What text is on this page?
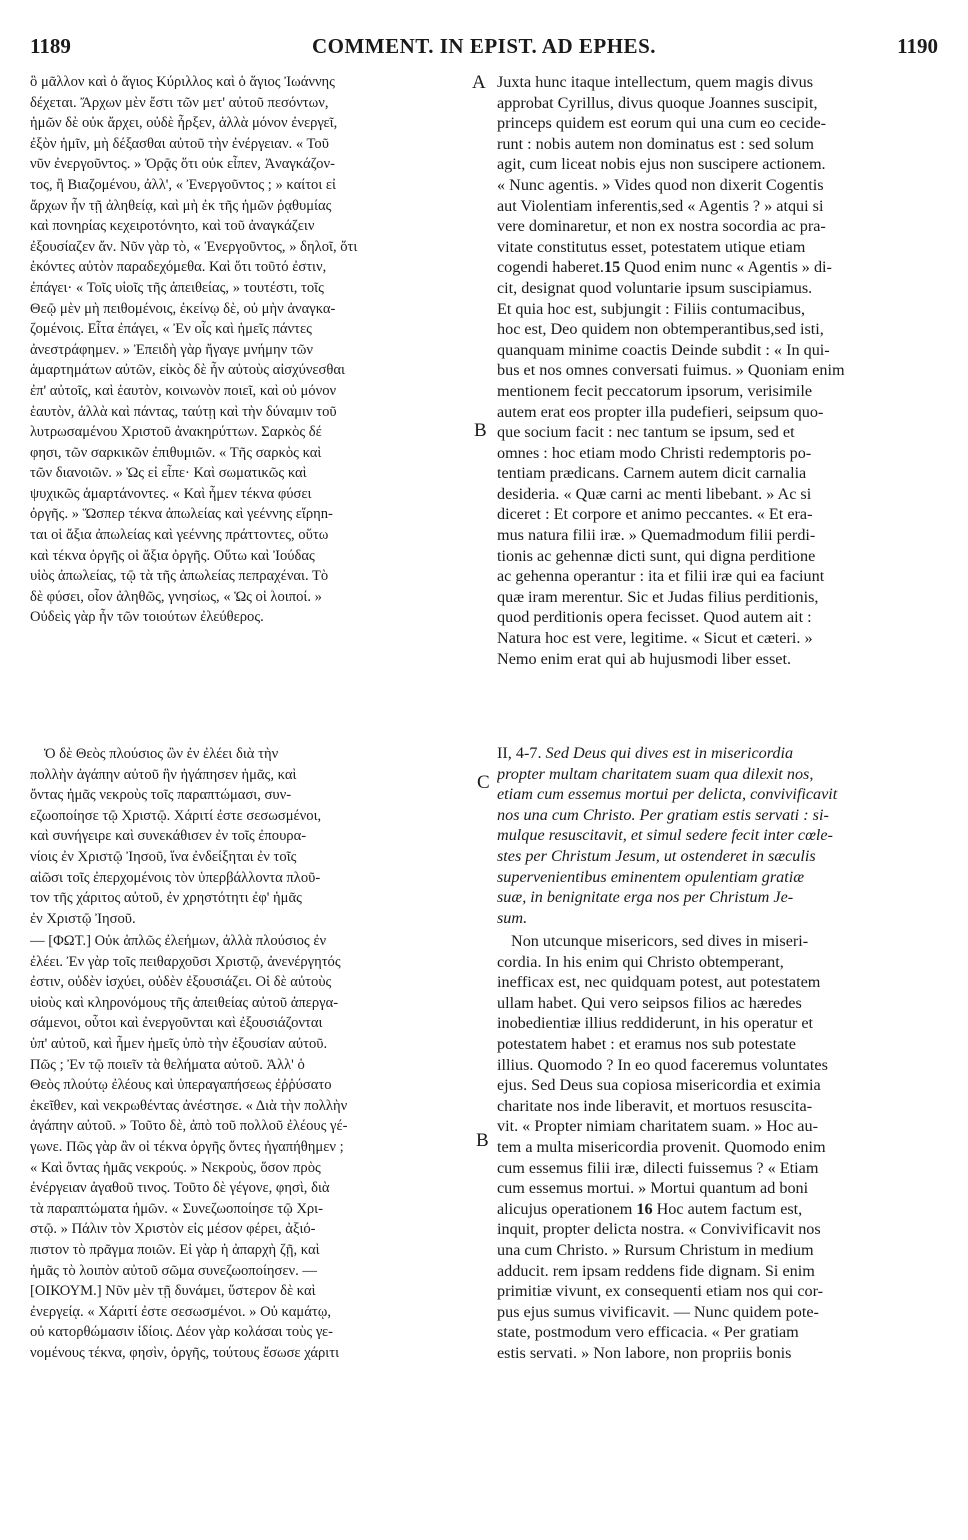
1189	COMMENT. IN EPIST. AD EPHES.	1190
A
B
C
B
ὃ μᾶλλον καὶ ὁ ἅγιος Κύριλλος καὶ ὁ ἅγιος Ἰωάννης
δέχεται. Ἄρχων μὲν ἔστι τῶν μετ' αὐτοῦ πεσόντων,
ἡμῶν δὲ οὐκ ἄρχει, οὐδὲ ἦρξεν, ἀλλὰ μόνον ἐνεργεῖ,
ἐξὸν ἡμῖν, μὴ δέξασθαι αὐτοῦ τὴν ἐνέργειαν. « Τοῦ
νῦν ἐνεργοῦντος. » Ὁρᾷς ὅτι οὐκ εἶπεν, Ἀναγκάζον-
τος, ἢ Βιαζομένου, ἀλλ', « Ἐνεργοῦντος ; » καίτοι εἰ
ἄρχων ἦν τῇ ἀληθείᾳ, καὶ μὴ ἐκ τῆς ἡμῶν ῥᾳθυμίας
καὶ πονηρίας κεχειροτόνητο, καὶ τοῦ ἀναγκάζειν
ἐξουσίαζεν ἄν. Νῦν γὰρ τὸ, « Ἐνεργοῦντος, » δηλοῖ, ὅτι
ἑκόντες αὐτὸν παραδεχόμεθα. Καὶ ὅτι τοῦτό ἐστιν,
ἐπάγει· « Τοῖς υἱοῖς τῆς ἀπειθείας, » τουτέστι, τοῖς
Θεῷ μὲν μὴ πειθομένοις, ἐκείνῳ δὲ, οὐ μὴν ἀναγκα-
ζομένοις. Εἶτα ἐπάγει, « Ἐν οἷς καὶ ἡμεῖς πάντες
ἀνεστράφημεν. » Ἐπειδὴ γὰρ ἤγαγε μνήμην τῶν
ἁμαρτημάτων αὐτῶν, εἰκὸς δὲ ἦν αὐτοὺς αἰσχύνεσθαι
ἐπ' αὐτοῖς, καὶ ἑαυτὸν, κοινωνὸν ποιεῖ, καὶ οὐ μόνον
ἑαυτὸν, ἀλλὰ καὶ πάντας, ταύτῃ καὶ τὴν δύναμιν τοῦ
λυτρωσαμένου Χριστοῦ ἀνακηρύττων. Σαρκὸς δέ
φησι, τῶν σαρκικῶν ἐπιθυμιῶν. « Τῆς σαρκὸς καὶ
τῶν διανοιῶν. » Ὡς εἰ εἶπε· Καὶ σωματικῶς καὶ
ψυχικῶς ἁμαρτάνοντες. « Καὶ ἦμεν τέκνα φύσει
ὀργῆς. » Ὥσπερ τέκνα ἀπωλείας καὶ γεέννης εἴρηn-
ται οἱ ἄξια ἀπωλείας καὶ γεέννης πράττοντες, οὕτω
καὶ τέκνα ὀργῆς οἱ ἄξια ὀργῆς. Οὕτω καὶ Ἰούδας
υἱὸς ἀπωλείας, τῷ τὰ τῆς ἀπωλείας πεπραχέναι. Τὸ
δὲ φύσει, οἷον ἀληθῶς, γνησίως, « Ὡς οἱ λοιποί. »
Οὐδεὶς γὰρ ἦν τῶν τοιούτων ἐλεύθερος.
Ὁ δὲ Θεὸς πλούσιος ὢν ἐν ἐλέει διὰ τὴν
πολλὴν ἀγάπην αὐτοῦ ἣν ἠγάπησεν ἡμᾶς, καὶ
ὄντας ἡμᾶς νεκροὺς τοῖς παραπτώμασι, συν-
εζωοποίησε τῷ Χριστῷ. Χάριτί ἐστε σεσωσμένοι,
καὶ συνήγειρε καὶ συνεκάθισεν ἐν τοῖς ἐπουρα-
νίοις ἐν Χριστῷ Ἰησοῦ, ἵνα ἐνδείξηται ἐν τοῖς
αἰῶσι τοῖς ἐπερχομένοις τὸν ὑπερβάλλοντα πλοῦ-
τον τῆς χάριτος αὐτοῦ, ἐν χρηστότητι ἐφ' ἡμᾶς
ἐν Χριστῷ Ἰησοῦ.
— [ΦΩΤ.] Οὐκ ἁπλῶς ἐλεήμων, ἀλλὰ πλούσιος ἐν
ἐλέει. Ἐν γὰρ τοῖς πειθαρχοῦσι Χριστῷ, ἀνενέργητός
ἐστιν, οὐδὲν ἰσχύει, οὐδὲν ἐξουσιάζει. Οἱ δὲ αὐτοὺς
υἱοὺς καὶ κληρονόμους τῆς ἀπειθείας αὐτοῦ ἀπεργα-
σάμενοι, οὗτοι καὶ ἐνεργοῦνται καὶ ἐξουσιάζονται
ὑπ' αὐτοῦ, καὶ ἦμεν ἡμεῖς ὑπὸ τὴν ἐξουσίαν αὐτοῦ.
Πῶς ; Ἐν τῷ ποιεῖν τὰ θελήματα αὐτοῦ. Ἀλλ' ὁ
Θεὸς πλούτῳ ἐλέους καὶ ὑπεραγαπήσεως ἐῤῥύσατο
ἐκεῖθεν, καὶ νεκρωθέντας ἀνέστησε. « Διὰ τὴν πολλὴν
ἀγάπην αὐτοῦ. » Τοῦτο δὲ, ἀπὸ τοῦ πολλοῦ ἐλέους γέ-
γωνε. Πῶς γὰρ ἂν οἱ τέκνα ὀργῆς ὄντες ἠγαπήθημεν ;
« Καὶ ὄντας ἡμᾶς νεκρούς. » Νεκροὺς, ὅσον πρὸς
ἐνέργειαν ἀγαθοῦ τινος. Τοῦτο δὲ γέγονε, φησὶ, διὰ
τὰ παραπτώματα ἡμῶν. « Συνεζωοποίησε τῷ Χρι-
στῷ. » Πάλιν τὸν Χριστὸν εἰς μέσον φέρει, ἀξιό-
πιστον τὸ πρᾶγμα ποιῶν. Εἰ γὰρ ἡ ἀπαρχὴ ζῇ, καὶ
ἡμᾶς τὸ λοιπὸν αὐτοῦ σῶμα συνεζωοποίησεν. —
[ΟΙΚΟΥΜ.] Νῦν μὲν τῇ δυνάμει, ὕστερον δὲ καὶ
ἐνεργείᾳ. « Χάριτί ἐστε σεσωσμένοι. » Οὐ καμάτῳ,
οὐ κατορθώμασιν ἰδίοις. Δέον γὰρ κολάσαι τοὺς γε-
νομένους τέκνα, φησὶν, ὀργῆς, τούτους ἔσωσε χάριτι
Juxta hunc itaque intellectum, quem magis divus
approbat Cyrillus, divus quoque Joannes suscipit,
princeps quidem est eorum qui una cum eo cecide-
runt : nobis autem non dominatus est : sed solum
agit, cum liceat nobis ejus non suscipere actionem.
« Nunc agentis. » Vides quod non dixerit Cogentis
aut Violentiam inferentis,sed « Agentis ? » atqui si
vere dominaretur, et non ex nostra socordia ac pra-
vitate constitutus esset, potestatem utique etiam
cogendi haberet.15 Quod enim nunc « Agentis » di-
cit, designat quod voluntarie ipsum suscipiamus.
Et quia hoc est, subjungit : Filiis contumacibus,
hoc est, Deo quidem non obtemperantibus,sed isti,
quanquam minime coactis Deinde subdit : « In qui-
bus et nos omnes conversati fuimus. » Quoniam enim
mentionem fecit peccatorum ipsorum, verisimile
autem erat eos propter illa pudefieri, seipsum quo-
que socium facit : nec tantum se ipsum, sed et
omnes : hoc etiam modo Christi redemptoris po-
tentiam prædicans. Carnem autem dicit carnalia
desideria. « Quæ carni ac menti libebant. » Ac si
diceret : Et corpore et animo peccantes. « Et era-
mus natura filii iræ. » Quemadmodum filii perdi-
tionis ac gehennæ dicti sunt, qui digna perditione
ac gehenna operantur : ita et filii iræ qui ea faciunt
quæ iram merentur. Sic et Judas filius perditionis,
quod perditionis opera fecisset. Quod autem ait :
Natura hoc est vere, legitime. « Sicut et cæteri. »
Nemo enim erat qui ab hujusmodi liber esset.
II, 4-7. Sed Deus qui dives est in misericordia
propter multam charitatem suam qua dilexit nos,
etiam cum essemus mortui per delicta, convivificavit
nos una cum Christo. Per gratiam estis servati : si-
mulque resuscitavit, et simul sedere fecit inter cœle-
stes per Christum Jesum, ut ostenderet in sæculis
supervenientibus eminentem opulentiam gratiæ
suæ, in benignitate erga nos per Christum Je-
sum.
Non utcunque misericors, sed dives in miseri-
cordia. In his enim qui Christo obtemperant,
inefficax est, nec quidquam potest, aut potestatem
ullam habet. Qui vero seipsos filios ac hæredes
inobedientiæ illius reddiderunt, in his operatur et
potestatem habet : et eramus nos sub potestate
illius. Quomodo ? In eo quod faceremus voluntates
ejus. Sed Deus sua copiosa misericordia et eximia
charitate nos inde liberavit, et mortuos resuscita-
vit. « Propter nimiam charitatem suam. » Hoc au-
tem a multa misericordia provenit. Quomodo enim
cum essemus filii iræ, dilecti fuissemus ? « Etiam
cum essemus mortui. » Mortui quantum ad boni
alicujus operationem 16 Hoc autem factum est,
inquit, propter delicta nostra. « Convivificavit nos
una cum Christo. » Rursum Christum in medium
adducit. rem ipsam reddens fide dignam. Si enim
primitiæ vivunt, ex consequenti etiam nos qui cor-
pus ejus sumus vivificavit. — Nunc quidem pote-
state, postmodum vero efficacia. « Per gratiam
estis servati. » Non labore, non propriis bonis
